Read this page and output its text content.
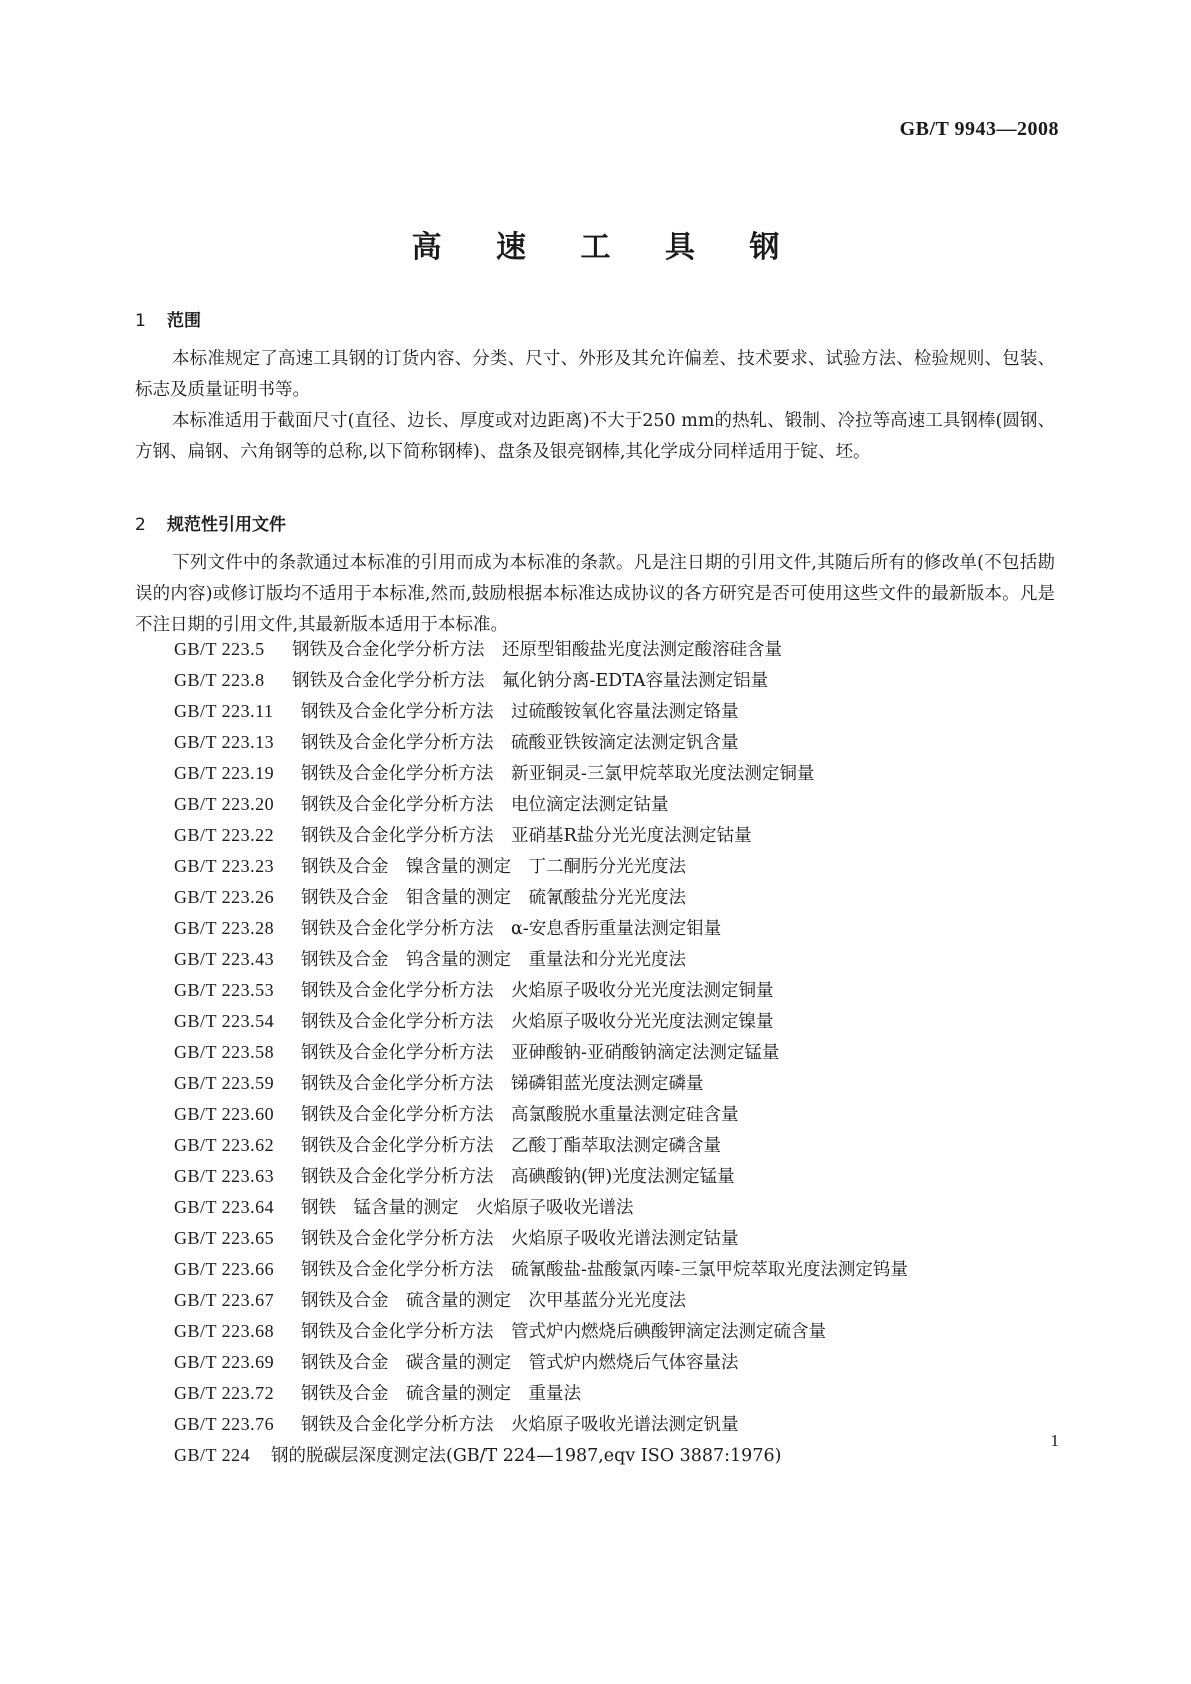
GB/T 9943—2008
高 速 工 具 钢
1 范围

本标准规定了高速工具钢的订货内容、分类、尺寸、外形及其允许偏差、技术要求、试验方法、检验规则、包装、标志及质量证明书等。

本标准适用于截面尺寸(直径、边长、厚度或对边距离)不大于250 mm的热轧、锻制、冷拉等高速工具钢棒(圆钢、方钢、扁钢、六角钢等的总称,以下简称钢棒)、盘条及银亮钢棒,其化学成分同样适用于锭、坯。

2 规范性引用文件

下列文件中的条款通过本标准的引用而成为本标准的条款。凡是注日期的引用文件,其随后所有的修改单(不包括勘误的内容)或修订版均不适用于本标准,然而,鼓励根据本标准达成协议的各方研究是否可使用这些文件的最新版本。凡是不注日期的引用文件,其最新版本适用于本标准。

GB/T 223.5 钢铁及合金化学分析方法　还原型钼酸盐光度法测定酸溶硅含量
GB/T 223.8 钢铁及合金化学分析方法　氟化钠分离-EDTA容量法测定铝量
GB/T 223.11 钢铁及合金化学分析方法　过硫酸铵氧化容量法测定铬量
GB/T 223.13 钢铁及合金化学分析方法　硫酸亚铁铵滴定法测定钒含量
GB/T 223.19 钢铁及合金化学分析方法　新亚铜灵-三氯甲烷萃取光度法测定铜量
GB/T 223.20 钢铁及合金化学分析方法　电位滴定法测定钴量
GB/T 223.22 钢铁及合金化学分析方法　亚硝基R盐分光光度法测定钴量
GB/T 223.23 钢铁及合金　镍含量的测定　丁二酮肟分光光度法
GB/T 223.26 钢铁及合金　钼含量的测定　硫氰酸盐分光光度法
GB/T 223.28 钢铁及合金化学分析方法　α-安息香肟重量法测定钼量
GB/T 223.43 钢铁及合金　钨含量的测定　重量法和分光光度法
GB/T 223.53 钢铁及合金化学分析方法　火焰原子吸收分光光度法测定铜量
GB/T 223.54 钢铁及合金化学分析方法　火焰原子吸收分光光度法测定镍量
GB/T 223.58 钢铁及合金化学分析方法　亚砷酸钠-亚硝酸钠滴定法测定锰量
GB/T 223.59 钢铁及合金化学分析方法　锑磷钼蓝光度法测定磷量
GB/T 223.60 钢铁及合金化学分析方法　高氯酸脱水重量法测定硅含量
GB/T 223.62 钢铁及合金化学分析方法　乙酸丁酯萃取法测定磷含量
GB/T 223.63 钢铁及合金化学分析方法　高碘酸钠(钾)光度法测定锰量
GB/T 223.64 钢铁　锰含量的测定　火焰原子吸收光谱法
GB/T 223.65 钢铁及合金化学分析方法　火焰原子吸收光谱法测定钴量
GB/T 223.66 钢铁及合金化学分析方法　硫氰酸盐-盐酸氯丙嗪-三氯甲烷萃取光度法测定钨量
GB/T 223.67 钢铁及合金　硫含量的测定　次甲基蓝分光光度法
GB/T 223.68 钢铁及合金化学分析方法　管式炉内燃烧后碘酸钾滴定法测定硫含量
GB/T 223.69 钢铁及合金　碳含量的测定　管式炉内燃烧后气体容量法
GB/T 223.72 钢铁及合金　硫含量的测定　重量法
GB/T 223.76 钢铁及合金化学分析方法　火焰原子吸收光谱法测定钒量
GB/T 224 钢的脱碳层深度测定法(GB/T 224—1987,eqv ISO 3887:1976)
1
